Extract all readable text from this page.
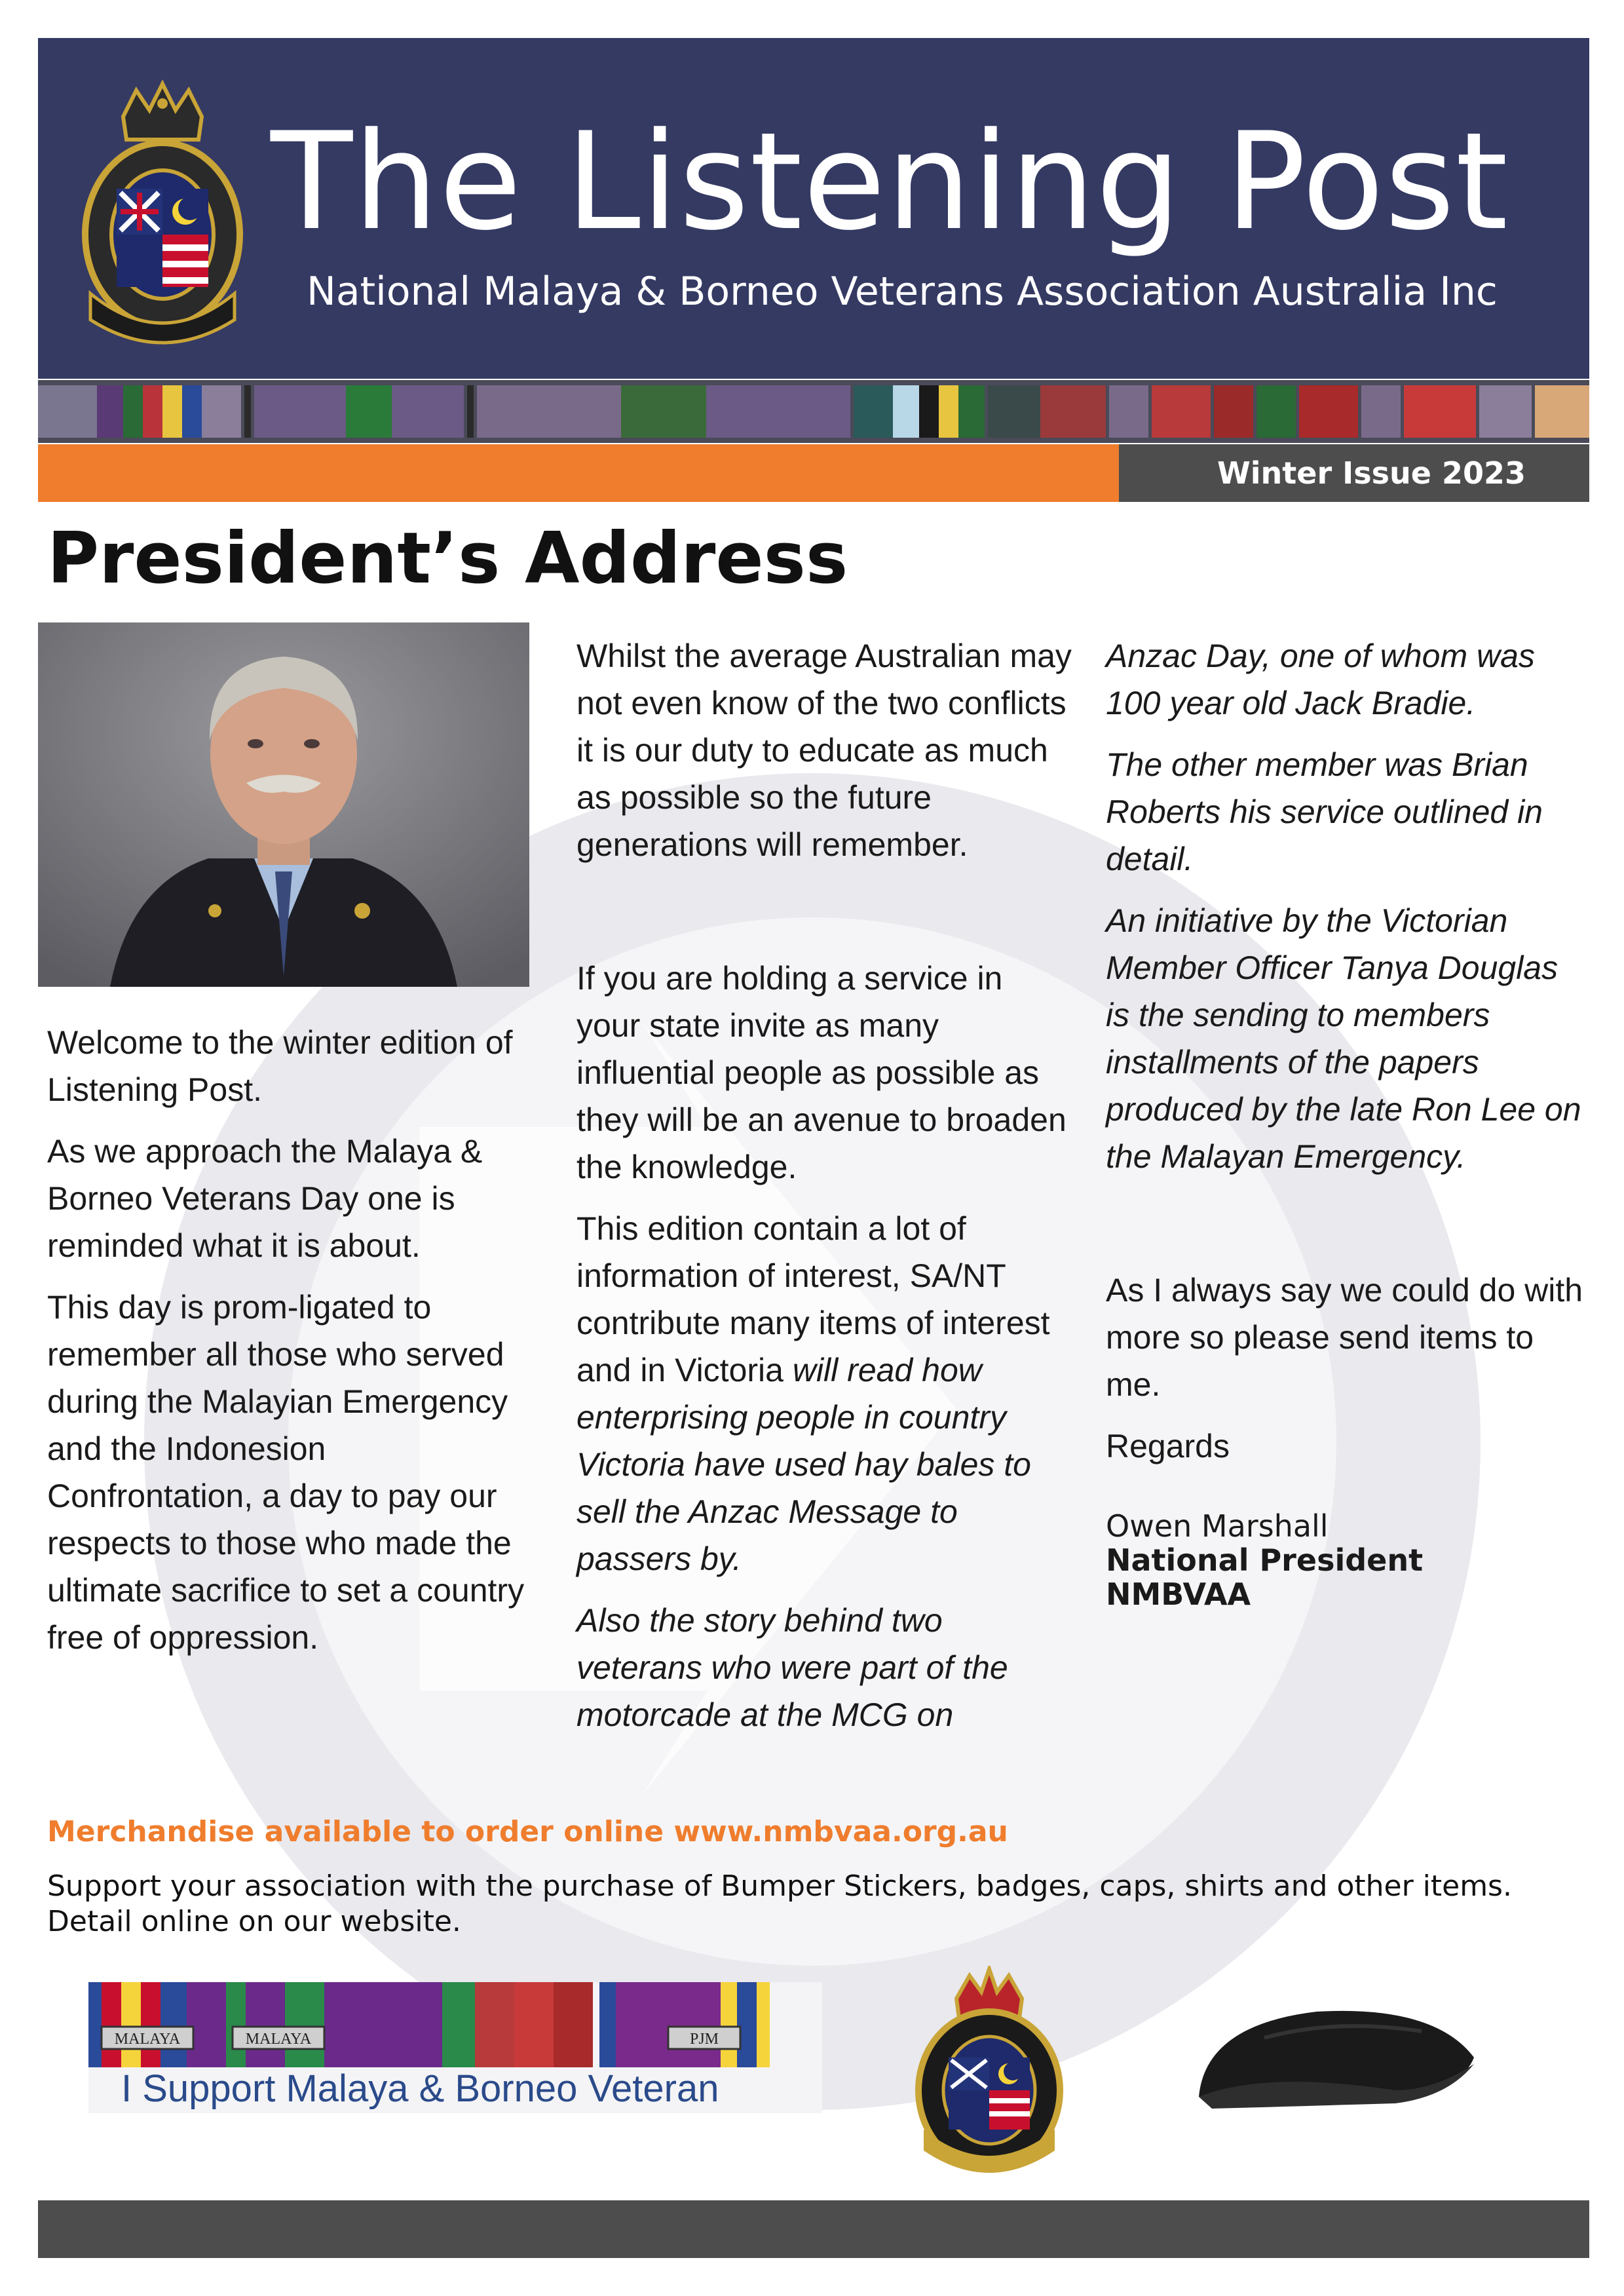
The Listening Post
National Malaya & Borneo Veterans Association Australia Inc
Winter Issue 2023
President’s Address

Welcome to the winter edition of Listening Post.

As we approach the Malaya & Borneo Veterans Day one is reminded what it is about.

This day is prom-ligated to remember all those who served during the Malayian Emergency and the Indonesion Confrontation, a day to pay our respects to those who made the ultimate sacrifice to set a country free of oppression.

Whilst the average Australian may not even know of the two conflicts it is our duty to educate as much as possible so the future generations will remember.

If you are holding a service in your state invite as many influential people as possible as they will be an avenue to broaden the knowledge.

This edition contain a lot of information of interest, SA/NT contribute many items of interest and in Victoria will read how enterprising people in country Victoria have used hay bales to sell the Anzac Message to passers by.

Also the story behind two veterans who were part of the motorcade at the MCG on

Anzac Day, one of whom was 100 year old Jack Bradie.

The other member was Brian Roberts his service outlined in detail.

An initiative by the Victorian Member Officer Tanya Douglas is the sending to members installments of the papers produced by the late Ron Lee on the Malayan Emergency.

As I always say we could do with more so please send items to me.

Regards

Owen Marshall
National President
NMBVAA
Merchandise available to order online www.nmbvaa.org.au
Support your association with the purchase of Bumper Stickers, badges, caps, shirts and other items. Detail online on our website.
MALAYA	MALAYA	PJM
I Support Malaya & Borneo Veteran
